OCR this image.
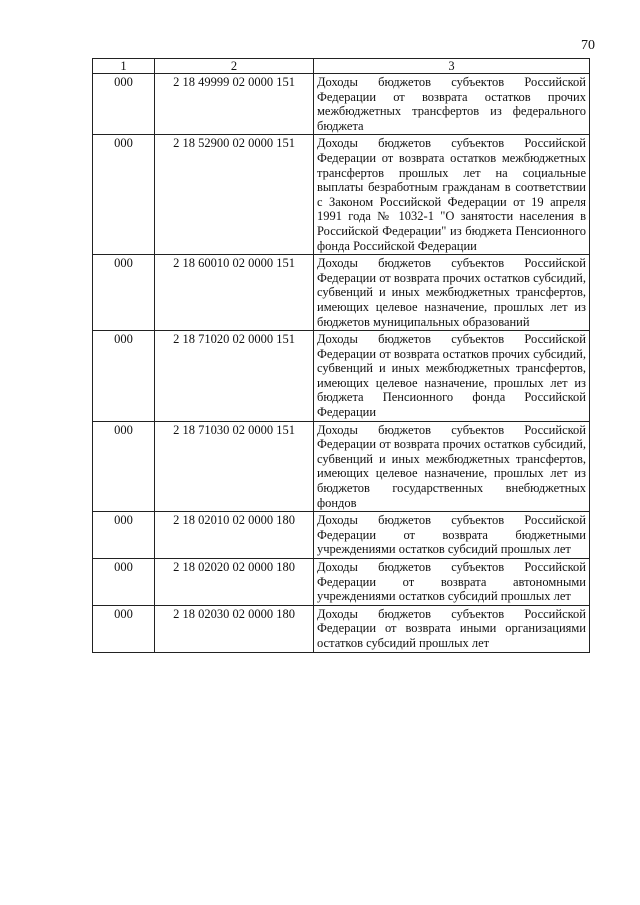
70
1	2	3
000	2 18 49999 02 0000 151	Доходы бюджетов субъектов Российской Федерации от возврата остатков прочих межбюджетных трансфертов из федерального бюджета
000	2 18 52900 02 0000 151	Доходы бюджетов субъектов Российской Федерации от возврата остатков межбюджетных трансфертов прошлых лет на социальные выплаты безработным гражданам в соответствии с Законом Российской Федерации от 19 апреля 1991 года № 1032-1 "О занятости населения в Российской Федерации" из бюджета Пенсионного фонда Российской Федерации
000	2 18 60010 02 0000 151	Доходы бюджетов субъектов Российской Федерации от возврата прочих остатков субсидий, субвенций и иных межбюджетных трансфертов, имеющих целевое назначение, прошлых лет из бюджетов муниципальных образований
000	2 18 71020 02 0000 151	Доходы бюджетов субъектов Российской Федерации от возврата остатков прочих субсидий, субвенций и иных межбюджетных трансфертов, имеющих целевое назначение, прошлых лет из бюджета Пенсионного фонда Российской Федерации
000	2 18 71030 02 0000 151	Доходы бюджетов субъектов Российской Федерации от возврата прочих остатков субсидий, субвенций и иных межбюджетных трансфертов, имеющих целевое назначение, прошлых лет из бюджетов государственных внебюджетных фондов
000	2 18 02010 02 0000 180	Доходы бюджетов субъектов Российской Федерации от возврата бюджетными учреждениями остатков субсидий прошлых лет
000	2 18 02020 02 0000 180	Доходы бюджетов субъектов Российской Федерации от возврата автономными учреждениями остатков субсидий прошлых лет
000	2 18 02030 02 0000 180	Доходы бюджетов субъектов Российской Федерации от возврата иными организациями остатков субсидий прошлых лет
